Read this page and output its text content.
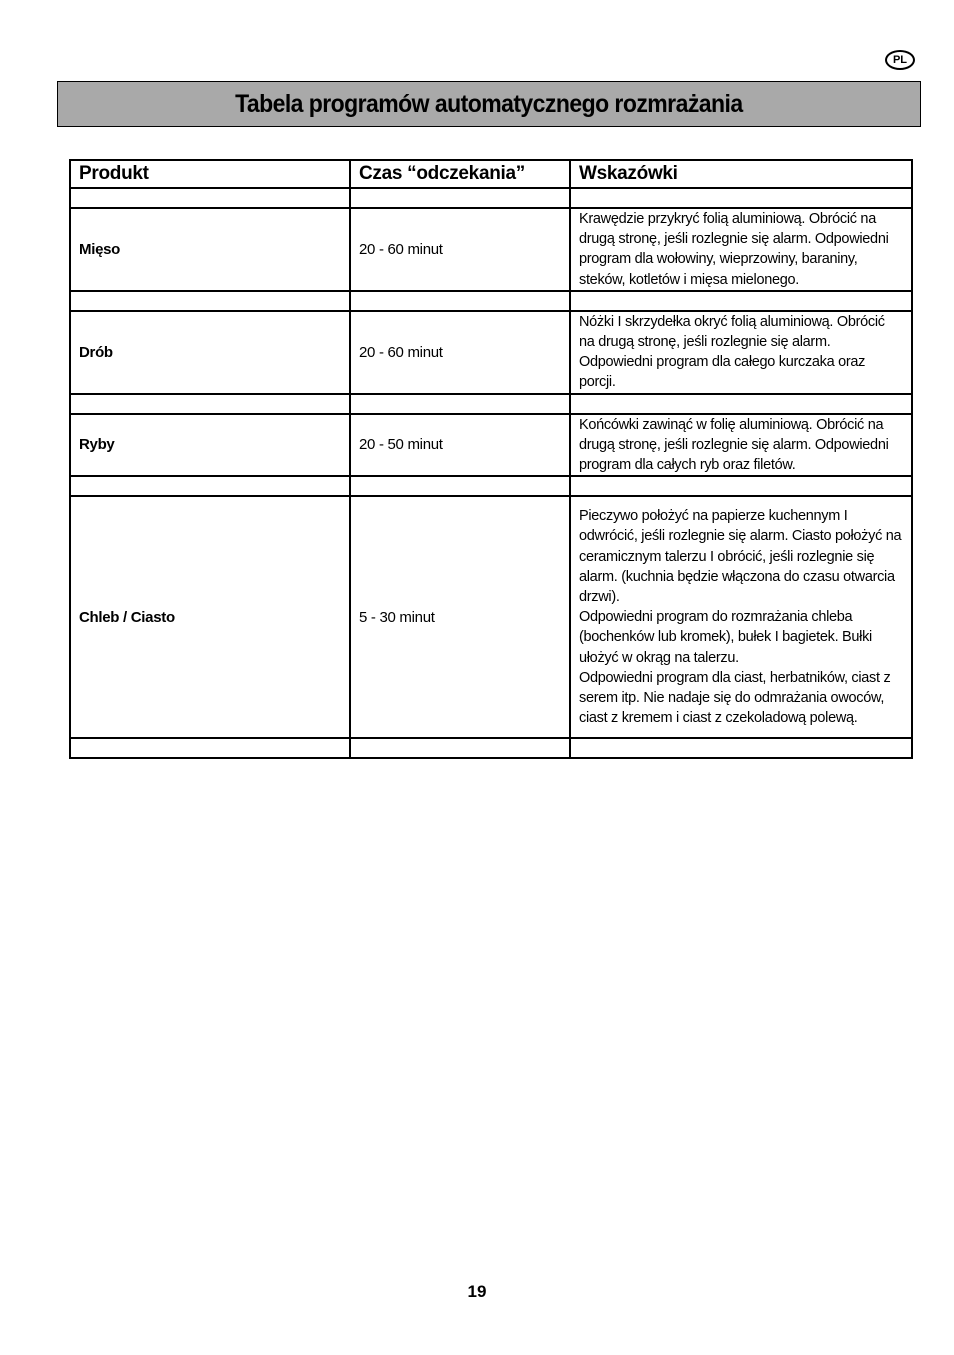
PL
Tabela programów automatycznego rozmrażania
Produkt	Czas “odczekania”	Wskazówki

Mięso	20 - 60 minut	Krawędzie przykryć folią aluminiową. Obrócić na drugą stronę, jeśli rozlegnie się alarm. Odpowiedni program dla wołowiny, wieprzowiny, baraniny, steków, kotletów i mięsa mielonego.

Drób	20 - 60 minut	Nóżki I skrzydełka okryć folią aluminiową. Obrócić na drugą stronę, jeśli rozlegnie się alarm. Odpowiedni program dla całego kurczaka oraz porcji.

Ryby	20 - 50 minut	Końcówki zawinąć w folię aluminiową. Obrócić na drugą stronę, jeśli rozlegnie się alarm. Odpowiedni program dla całych ryb oraz filetów.

Chleb / Ciasto	5 - 30 minut	Pieczywo położyć na papierze kuchennym I odwrócić, jeśli rozlegnie się alarm. Ciasto położyć na ceramicznym talerzu I obrócić, jeśli rozlegnie się alarm. (kuchnia będzie włączona do czasu otwarcia drzwi).

Odpowiedni program do rozmrażania chleba (bochenków lub kromek), bułek I bagietek. Bułki ułożyć w okrąg na talerzu.

Odpowiedni program dla ciast, herbatników, ciast z serem itp. Nie nadaje się do odmrażania owoców, ciast z kremem i ciast z czekoladową polewą.

19
